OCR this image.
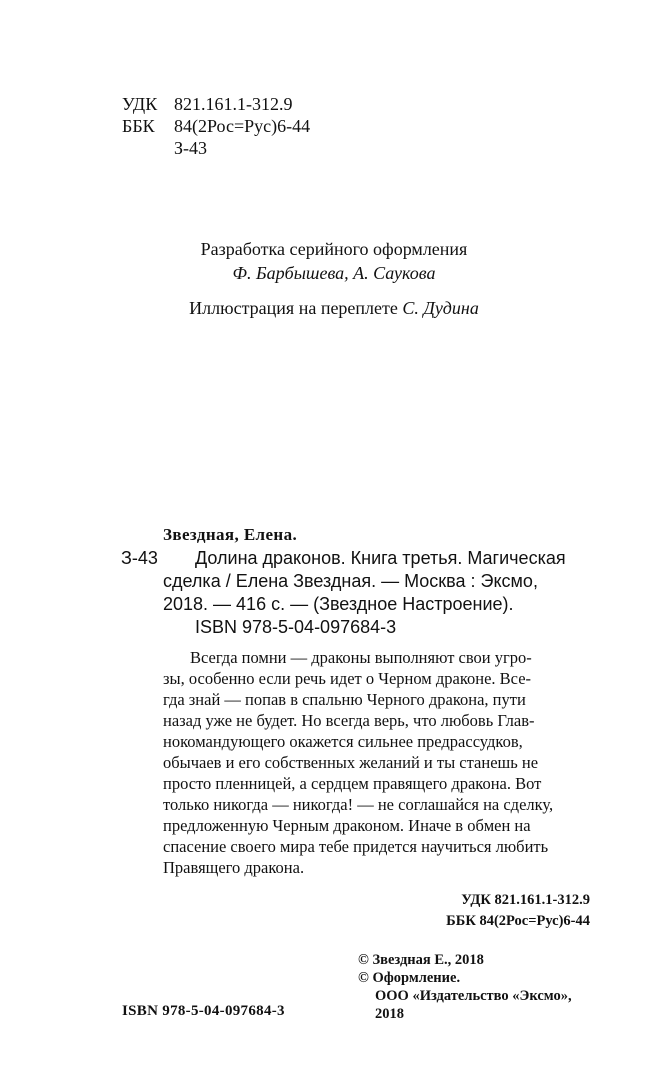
УДК 821.161.1-312.9
ББК 84(2Рос=Рус)6-44
З-43
Разработка серийного оформления
Ф. Барбышева, А. Саукова
Иллюстрация на переплете С. Дудина
Звездная, Елена.
З-43 Долина драконов. Книга третья. Магическая
сделка / Елена Звездная. — Москва : Эксмо,
2018. — 416 с. — (Звездное Настроение).
ISBN 978-5-04-097684-3
Всегда помни — драконы выполняют свои угро-
зы, особенно если речь идет о Черном драконе. Все-
гда знай — попав в спальню Черного дракона, пути
назад уже не будет. Но всегда верь, что любовь Глав-
нокомандующего окажется сильнее предрассудков,
обычаев и его собственных желаний и ты станешь не
просто пленницей, а сердцем правящего дракона. Вот
только никогда — никогда! — не соглашайся на сделку,
предложенную Черным драконом. Иначе в обмен на
спасение своего мира тебе придется научиться любить
Правящего дракона.
УДК 821.161.1-312.9
ББК 84(2Рос=Рус)6-44
© Звездная Е., 2018
© Оформление.
ООО «Издательство «Эксмо»,
2018
ISBN 978-5-04-097684-3
